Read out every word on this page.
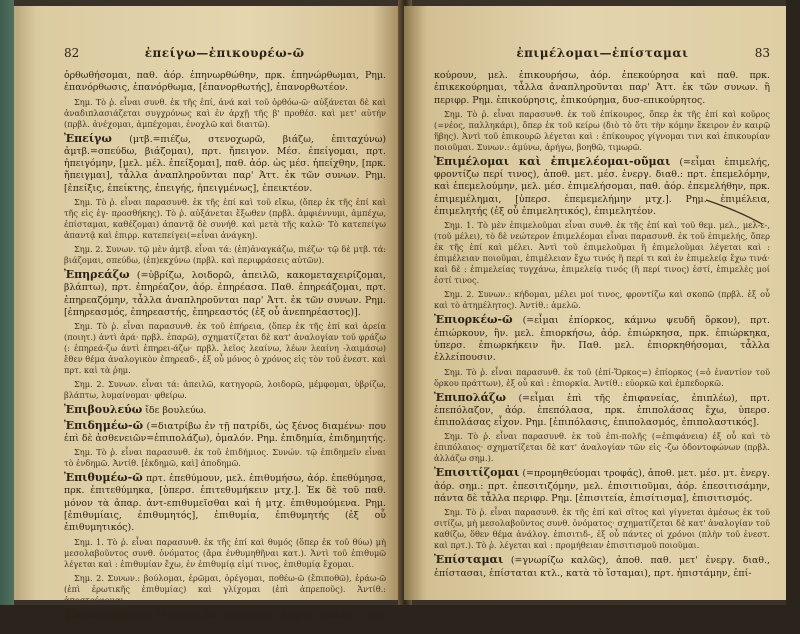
82	ἐπείγω—ἐπικουρέω-ῶ

ὀρθωθήσομαι, παθ. ἀόρ. ἐπηνωρθώθην, πρκ. ἐπηνώρθωμαι, Ρημ. ἐπανόρθωσις, ἐπανόρθωμα, [ἐπανορθωτής], ἐπανορθωτέον.

Σημ. Τὸ ῥ. εἶναι συνθ. ἐκ τῆς ἐπί, ἀνά καὶ τοῦ ὀρθόω-ῶ· αὐξάνεται δὲ καὶ ἀναδιπλασιάζεται συγχρόνως καὶ ἐν ἀρχῇ τῆς β' προθέσ. καὶ μετ' αὐτήν (πρβλ. ἀνέχομαι, ἀμπέχομαι, ἐνοχλῶ καὶ διαιτῶ).

Ἐπείγω (μτβ.=πιέζω, στενοχωρῶ, βιάζω, ἐπιταχύνω) ἀμτβ.=σπεύδω, βιάζομαι), πρτ. ἤπειγον. Μέσ. ἐπείγομαι, πρτ. ἠπειγόμην, [μελ. μέλ. ἐπείξομαι], παθ. ἀόρ. ὡς μέσ. ἠπείχθην, [πρκ. ἤπειγμαι], τἆλλα ἀναπληροῦνται παρ' Ἀττ. ἐκ τῶν συνων. Ρημ. [ἐπείξις, ἐπείκτης, ἐπειγής, ἠπειγμένως], ἐπεικτέον.

Σημ. Τὸ ῥ. εἶναι παρασυνθ. ἐκ τῆς ἐπί καὶ τοῦ εἴκω, (ὅπερ ἐκ τῆς ἐπί καὶ τῆς εἰς ἐγ- προσθήκης). Τὸ ῥ. αὐξάνεται ἔξωθεν (πρβλ. ἀμφιέννυμι, ἀμπέχω, ἐπίσταμαι, καθέζομαι) ἀπαντᾷ δὲ συνήθ. καὶ μετὰ τῆς καλῶ· Τὸ κατεπείγω ἀπαντᾷ καὶ ἐπιρρ. κατεπείγει(=εἶναι ἀνάγκη).

Σημ. 2. Συνων. τῷ μὲν ἀμτβ. εἶναι τά: (ἐπ)ἀναγκάζω, πιέζω· τῷ δὲ μτβ. τά: βιάζομαι, σπεύδω, (ἐπ)εκχύνω (πρβλ. καὶ περιφράσεις αὐτῶν).

Ἐπηρεάζω (=ὑβρίζω, λοιδορῶ, ἀπειλῶ, κακομεταχειρίζομαι, βλάπτω), πρτ. ἐπηρέαζον, ἀόρ. ἐπηρέασα. Παθ. ἐπηρεάζομαι, πρτ. ἐπηρεαζόμην, τἆλλα ἀναπληροῦνται παρ' Ἀττ. ἐκ τῶν συνων. Ρημ. [ἐπηρεασμός, ἐπηρεαστής, ἐπηρεαστός (ἐξ οὗ ἀνεπηρέαστος)].

Σημ. Τὸ ῥ. εἶναι παρασυνθ. ἐκ τοῦ ἐπήρεια, (ὅπερ ἐκ τῆς ἐπί καὶ ἀρεία (ποιητ.) ἀντὶ ἀρά· πρβλ. ἐπαρῶ), σχηματίζεται δὲ κατ' ἀναλογίαν τοῦ φράζω (: ἐπηρεά-ζω ἀντὶ ἐπηρει-άζω· πρβλ. λεῖος λεαίνω, λέων λεαίνη -λαιμάσω) ἔθεν θέμα ἀναλογικὸν ἐπηρεαδ-, ἐξ οὗ μόνος ὁ χρόνος εἰς τὸν τοῦ ἐνεστ. καὶ πρτ. καὶ τὰ ῥημ.

Σημ. 2. Συνων. εἶναι τά: ἀπειλῶ, κατηγορῶ, λοιδορῶ, μέμφομαι, ὑβρίζω, βλάπτω, λυμαίνομαι· φθείρω.

Ἐπιβουλεύω ἴδε βουλεύω.

Ἐπιδημέω-ῶ (=διατρίβω ἐν τῇ πατρίδι, ὡς ξένος διαμένω· που ἐπὶ δὲ ἀσθενειῶν=ἐπιπολάζω), ὁμαλόν. Ρημ. ἐπιδημία, ἐπιδημητής.

Σημ. Τὸ ῥ. εἶναι παρασυνθ. ἐκ τοῦ ἐπιδήμιος. Συνών. τῷ ἐπιδημεῖν εἶναι τὸ ἐνδημῶ. Ἀντίθ. [ἐκδημῶ, καὶ] ἀποδημῶ.

Ἐπιθυμέω-ῶ πρτ. ἐπεθύμουν, μελ. ἐπιθυμήσω, ἀόρ. ἐπεθύμησα, πρκ. ἐπιτεθύμηκα, [ὑπερσ. ἐπιτεθυμήκειν μτχ.]. Ἐκ δὲ τοῦ παθ. μόνον τὰ ἀπαρ. ἀντ-επιθυμεῖσθαι καὶ ἡ μτχ. ἐπιθυμούμενα. Ρημ. [ἐπιθυμίαις, ἐπιθυμητός], ἐπιθυμία, ἐπιθυμητής (ἐξ οὗ ἐπιθυμητικός).

Σημ. 1. Τὸ ῥ. εἶναι παρασυνθ. ἐκ τῆς ἐπί καὶ θυμός (ὅπερ ἐκ τοῦ θύω) μὴ μεσολαβοῦντος συνθ. ὀνόματος (ἄρα ἐνθυμηθῆναι κατ.). Ἀντὶ τοῦ ἐπιθυμῶ λέγεται καὶ : ἐπιθυμίαν ἔχω, ἐν ἐπιθυμίᾳ εἰμί τινος, ἐπιθυμίᾳ ἔχομαι.

Σημ. 2. Συνων.: βούλομαι, ἐρῶμαι, ὀρέγομαι, ποθέω-ῶ (ἔπιποθῶ), ἐράω-ῶ (ἐπὶ ἐρωτικῆς ἐπιθυμίας) καὶ γλίχομαι (ἐπὶ ἀπρεποῦς). Ἀντίθ.: ἀποστρέφομαι.

Ἐπικουρέω-ῶ (=βοηθῶ ὡς ἐπίκουρος, βοηθῶ, ὠφελῶ), πρτ. ἐπε-

ἐπιμέλομαι—ἐπίσταμαι	83

κούρουν, μελ. ἐπικουρήσω, ἀόρ. ἐπεκούρησα καὶ παθ. πρκ. ἐπικεκούρημαι, τἆλλα ἀναπληροῦνται παρ' Ἀττ. ἐκ τῶν συνων. ἢ περιφρ. Ρημ. ἐπικούρησις, ἐπικούρημα, δυσ-επικούρητος.

Σημ. Τὸ ῥ. εἶναι παρασυνθ. ἐκ τοῦ ἐπίκουρος, ὅπερ ἐκ τῆς ἐπί καὶ κοῦρος (=νέος, παλληκάρι), ὅπερ ἐκ τοῦ κείρω (διὸ τὸ ὅτι τὴν κόμην ἔκειρον ἐν καιρῷ ἥβης). Ἀντὶ τοῦ ἐπικουρῶ λέγεται καὶ : ἐπίκουρος γίγνομαι τινι καὶ ἐπικουρίαν ποιοῦμαι. Συνων.: ἀμύνω, ἀρήγω, βοηθῶ, τιμωρῶ.

Ἐπιμέλομαι καὶ ἐπιμελέομαι-οῦμαι (=εἶμαι ἐπιμελής, φροντίζω περί τινος), ἀποθ. μετ. μέσ. ἐνεργ. διαθ.: πρτ. ἐπεμελόμην, καὶ ἐπεμελούμην, μελ. μέσ. ἐπιμελήσομαι, παθ. ἀόρ. ἐπεμελήθην, πρκ. ἐπιμεμέλημαι, [ὑπερσ. ἐπεμεμελήμην μτχ.]. Ρημ. ἐπιμέλεια, ἐπιμελητής (ἐξ οὗ ἐπιμελητικός), ἐπιμελητέον.

Σημ. 1. Τὸ μὲν ἐπιμελοῦμαι εἶναι συνθ. ἐκ τῆς ἐπί καὶ τοῦ θεμ. μελ., μελ-ε-, (τοῦ μέλει), τὸ δὲ νεώτερον ἐπιμελέομαι εἶναι παρασυνθ. ἐκ τοῦ ἐπιμελής, ὅπερ ἐκ τῆς ἐπί καὶ μέλει. Ἀντὶ τοῦ ἐπιμελοῦμαι ἢ ἐπιμελοῦμαι λέγεται καὶ : ἐπιμέλειαν ποιοῦμαι, ἐπιμέλειαν ἔχω τινός ἢ περί τι καὶ ἐν ἐπιμελείᾳ ἔχω τινά· καὶ δὲ : ἐπιμελείας τυγχάνω, ἐπιμελείᾳ τινός (ἢ περί τινος) ἐστί, ἐπιμελὲς μοί ἐστί τινος.

Σημ. 2. Συνων.: κήδομαι, μέλει μοί τινος, φροντίζω καὶ σκοπῶ (πρβλ. ἐξ οὗ καὶ τὸ ἀτημέλητος). Ἀντίθ.: ἀμελῶ.

Ἐπιορκέω-ῶ (=εἶμαι ἐπίορκος, κάμνω ψευδῆ ὅρκον), πρτ. ἐπιώρκουν, ἢν. μελ. ἐπιορκήσω, ἀόρ. ἐπιώρκησα, πρκ. ἐπιώρκηκα, ὑπερσ. ἐπιωρκήκειν ἢν. Παθ. μελ. ἐπιορκηθήσομαι, τἆλλα ἐλλείπουσιν.

Σημ. Τὸ ῥ. εἶναι παρασυνθ. ἐκ τοῦ (ἐπί-Ὅρκος=) ἐπίορκος (=ὁ ἐναντίον τοῦ ὅρκου πράττων), ἐξ οὗ καὶ : ἐπιορκία. Ἀντίθ.: εὐορκῶ καὶ ἐμπεδορκῶ.

Ἐπιπολάζω (=εἶμαι ἐπὶ τῆς ἐπιφανείας, ἐπιπλέω), πρτ. ἐπεπόλαζον, ἀόρ. ἐπεπόλασα, πρκ. ἐπιπολάσας ἔχω, ὑπερσ. ἐπιπολάσας εἶχον. Ρημ. [ἐπιπόλασις, ἐπιπολασμός, ἐπιπολαστικός].

Σημ. Τὸ ῥ. εἶναι παρασυνθ. ἐκ τοῦ ἐπι-πολῆς (=ἐπιφάνεια) ἐξ οὗ καὶ τὸ ἐπιπόλαιος· σχηματίζεται δὲ κατ' ἀναλογίαν τῶν εἰς -ζω ὀδοντοφώνων (πρβλ. ἀλλάζω σημ.).

Ἐπισιτίζομαι (=προμηθεύομαι τροφάς), ἀποθ. μετ. μέσ. μτ. ἐνεργ. ἀόρ. σημ.: πρτ. ἐπεσιτιζόμην, μελ. ἐπισιτιοῦμαι, ἀόρ. ἐπεσιτισάμην, πάντα δὲ τἆλλα περιφρ. Ρημ. [ἐπισιτεία, ἐπισίτισμα], ἐπισιτισμός.

Σημ. Τὸ ῥ. εἶναι παρασυνθ. ἐκ τῆς ἐπί καὶ σῖτος καὶ γίγνεται ἀμέσως ἐκ τοῦ σιτίζω, μὴ μεσολαβοῦντος συνθ. ὀνόματος· σχηματίζεται δὲ κατ' ἀναλογίαν τοῦ καθίζω, ὅθεν θέμα ἀνάλογ. ἐπισιτιδ-, ἐξ οὗ πάντες οἱ χρόνοι (πλὴν τοῦ ἐνεστ. καὶ πρτ.). Τὸ ῥ. λέγεται καὶ : προμήθειαν ἐπισιτισμοῦ ποιοῦμαι.

Ἐπίσταμαι (=γνωρίζω καλῶς), ἀποθ. παθ. μετ' ἐνεργ. διαθ., ἐπίστασαι, ἐπίσταται κτλ., κατὰ τὸ ἵσταμαι), πρτ. ἠπιστάμην, ἐπί-
